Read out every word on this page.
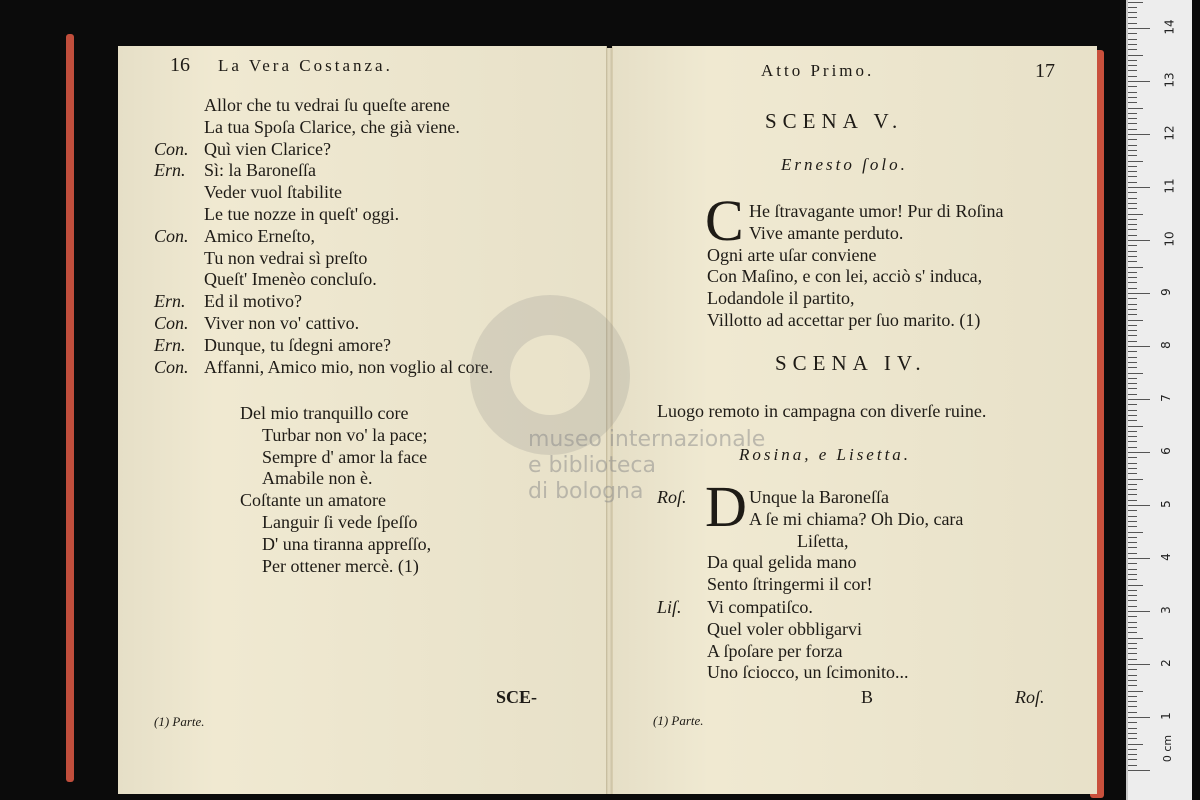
16 La Vera Costanza.
Allor che tu vedrai ſu queſte arene
La tua Spoſa Clarice, che già viene.
Con. Quì vien Clarice?
Ern. Sì: la Baroneſſa
Veder vuol ſtabilite
Le tue nozze in queſt' oggi.
Con. Amico Erneſto,
Tu non vedrai sì preſto
Queſt' Imenèo concluſo.
Ern. Ed il motivo?
Con. Viver non vo' cattivo.
Ern. Dunque, tu ſdegni amore?
Con. Affanni, Amico mio, non voglio al core.
Del mio tranquillo core
Turbar non vo' la pace;
Sempre d' amor la face
Amabile non è.
Coſtante un amatore
Languir ſi vede ſpeſſo
D' una tiranna appreſſo,
Per ottener mercè. (1)
SCE-
(1) Parte.
Atto Primo.	17
SCENA V.
Ernesto ſolo.
C He ſtravagante umor! Pur di Roſina
Vive amante perduto.
Ogni arte uſar conviene
Con Maſino, e con lei, acciò s' induca,
Lodandole il partito,
Villotto ad accettar per ſuo marito. (1)
SCENA IV.
Luogo remoto in campagna con diverſe ruine.
Rosina, e Lisetta.
Roſ. D Unque la Baroneſſa
A ſe mi chiama? Oh Dio, cara
Liſetta,
Da qual gelida mano
Sento ſtringermi il cor!
Liſ. Vi compatiſco.
Quel voler obbligarvi
A ſpoſare per forza
Uno ſciocco, un ſcimonito...
B	Roſ.
(1) Parte.
museo internazionale
e biblioteca
di bologna
1
2
3
4
5
6
7
8
9
10
11
12
13
14
0 cm
